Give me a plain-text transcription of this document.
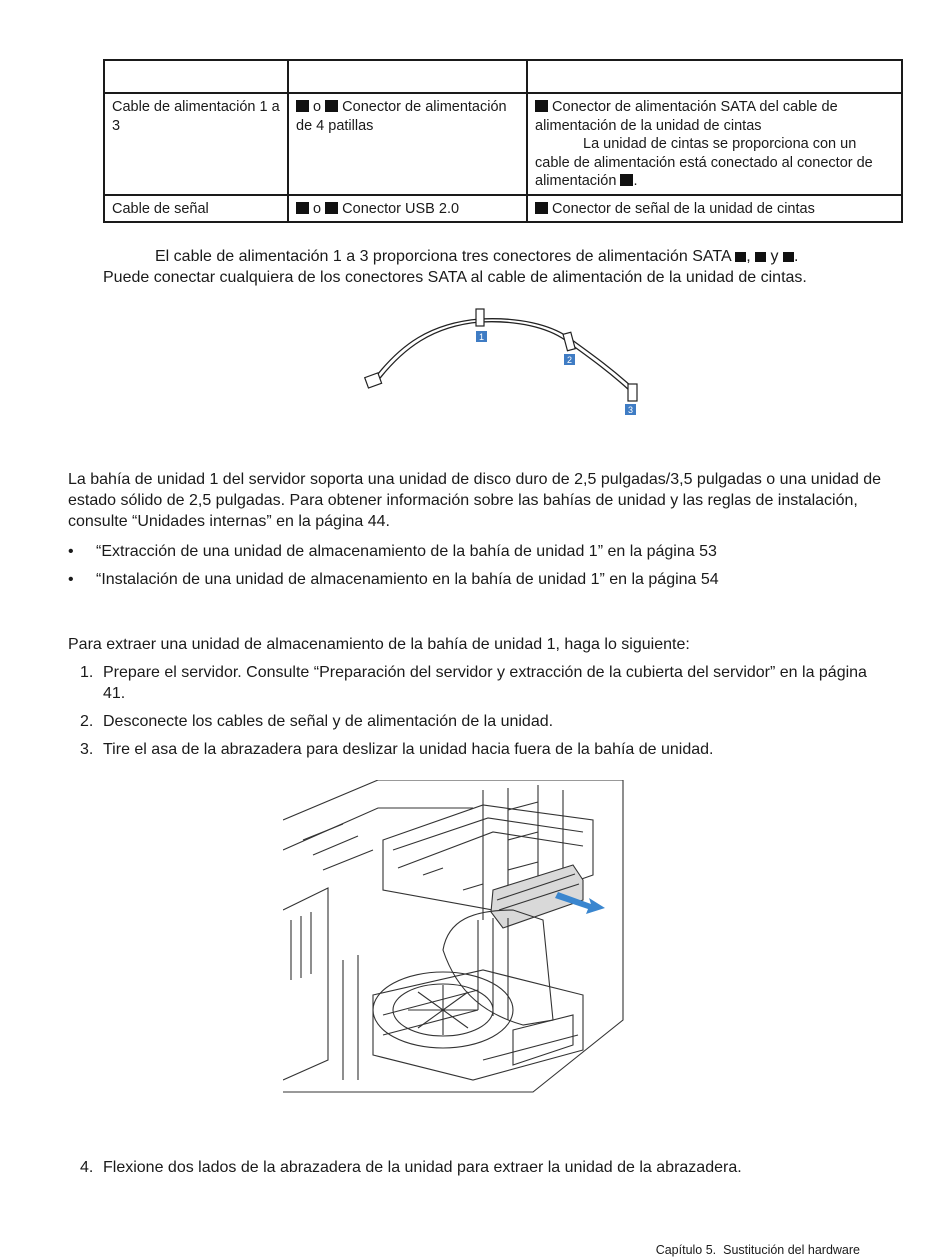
Cable de alimentación 1 a 3	o Conector de alimentación de 4 patillas	Conector de alimentación SATA del cable de alimentación de la unidad de cintas
La unidad de cintas se proporciona con un cable de alimentación está conectado al conector de alimentación .
Cable de señal	o Conector USB 2.0	Conector de señal de la unidad de cintas
El cable de alimentación 1 a 3 proporciona tres conectores de alimentación SATA , y .
Puede conectar cualquiera de los conectores SATA al cable de alimentación de la unidad de cintas.
1
2
3
La bahía de unidad 1 del servidor soporta una unidad de disco duro de 2,5 pulgadas/3,5 pulgadas o una unidad de estado sólido de 2,5 pulgadas. Para obtener información sobre las bahías de unidad y las reglas de instalación, consulte “Unidades internas” en la página 44.
• “Extracción de una unidad de almacenamiento de la bahía de unidad 1” en la página 53
• “Instalación de una unidad de almacenamiento en la bahía de unidad 1” en la página 54
Para extraer una unidad de almacenamiento de la bahía de unidad 1, haga lo siguiente:
1. Prepare el servidor. Consulte “Preparación del servidor y extracción de la cubierta del servidor” en la página 41.
2. Desconecte los cables de señal y de alimentación de la unidad.
3. Tire el asa de la abrazadera para deslizar la unidad hacia fuera de la bahía de unidad.
4. Flexione dos lados de la abrazadera de la unidad para extraer la unidad de la abrazadera.
Capítulo 5. Sustitución del hardware
